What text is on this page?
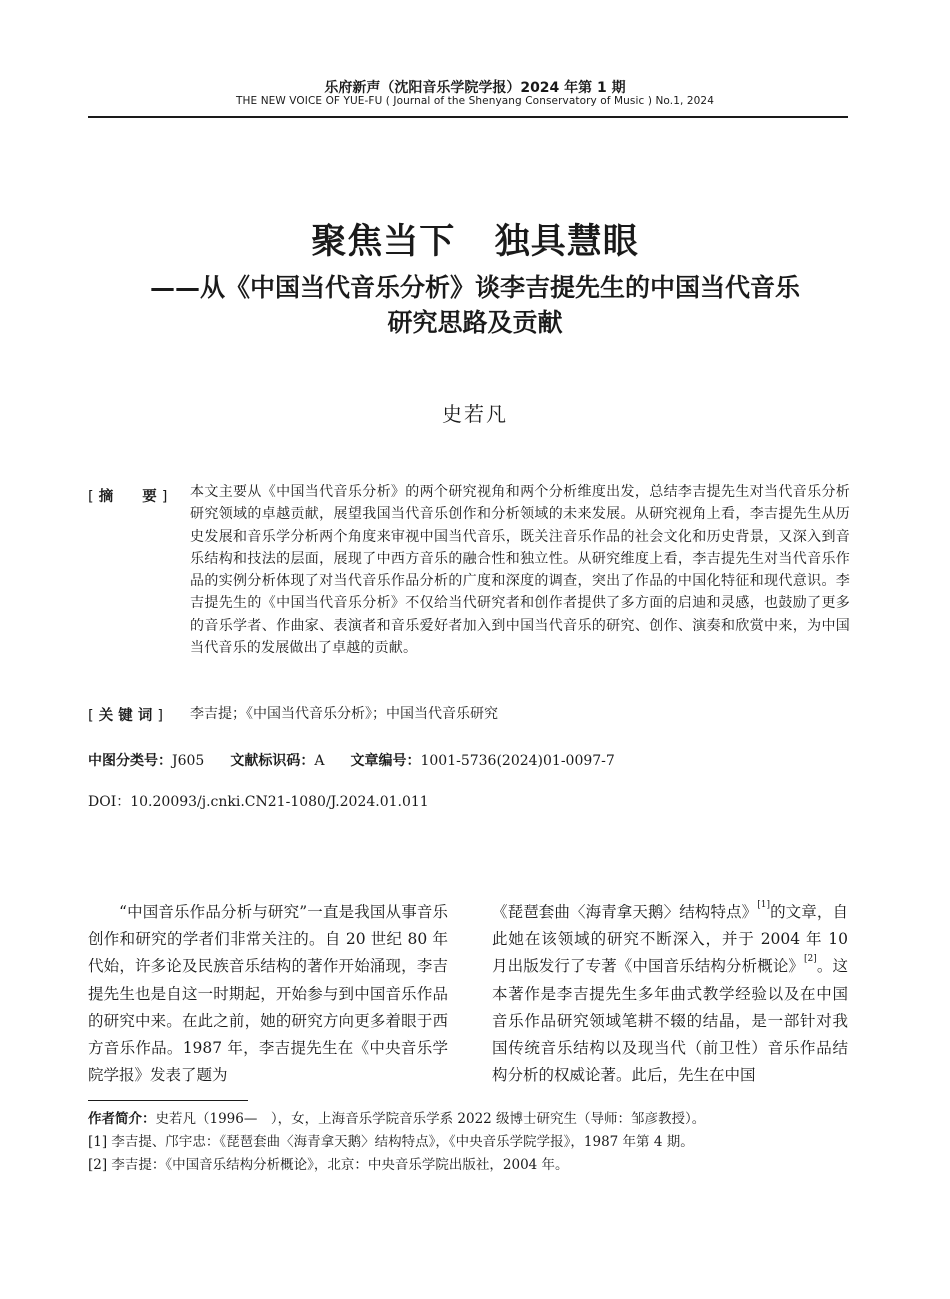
乐府新声（沈阳音乐学院学报）2024 年第 1 期
THE NEW VOICE OF YUE-FU ( Journal of the Shenyang Conservatory of Music ) No.1, 2024
聚焦当下   独具慧眼
——从《中国当代音乐分析》谈李吉提先生的中国当代音乐
研究思路及贡献
史若凡
[ 摘　　要 ] 本文主要从《中国当代音乐分析》的两个研究视角和两个分析维度出发，总结李吉提先生对当代音乐分析研究领域的卓越贡献，展望我国当代音乐创作和分析领域的未来发展。从研究视角上看，李吉提先生从历史发展和音乐学分析两个角度来审视中国当代音乐，既关注音乐作品的社会文化和历史背景，又深入到音乐结构和技法的层面，展现了中西方音乐的融合性和独立性。从研究维度上看，李吉提先生对当代音乐作品的实例分析体现了对当代音乐作品分析的广度和深度的调查，突出了作品的中国化特征和现代意识。李吉提先生的《中国当代音乐分析》不仅给当代研究者和创作者提供了多方面的启迪和灵感，也鼓励了更多的音乐学者、作曲家、表演者和音乐爱好者加入到中国当代音乐的研究、创作、演奏和欣赏中来，为中国当代音乐的发展做出了卓越的贡献。
[ 关 键 词 ] 李吉提；《中国当代音乐分析》；中国当代音乐研究
中图分类号：J605 文献标识码：A 文章编号：1001-5736(2024)01-0097-7
DOI：10.20093/j.cnki.CN21-1080/J.2024.01.011
“中国音乐作品分析与研究”一直是我国从事音乐创作和研究的学者们非常关注的。自 20 世纪 80 年代始，许多论及民族音乐结构的著作开始涌现，李吉提先生也是自这一时期起，开始参与到中国音乐作品的研究中来。在此之前，她的研究方向更多着眼于西方音乐作品。1987 年，李吉提先生在《中央音乐学院学报》发表了题为
《琵琶套曲〈海青拿天鹅〉结构特点》[1]的文章，自此她在该领域的研究不断深入，并于 2004 年 10 月出版发行了专著《中国音乐结构分析概论》[2]。这本著作是李吉提先生多年曲式教学经验以及在中国音乐作品研究领域笔耕不辍的结晶，是一部针对我国传统音乐结构以及现当代（前卫性）音乐作品结构分析的权威论著。此后，先生在中国
作者简介：史若凡（1996—　），女，上海音乐学院音乐学系 2022 级博士研究生（导师：邹彦教授）。
[1] 李吉提、邝宇忠：《琵琶套曲〈海青拿天鹅〉结构特点》，《中央音乐学院学报》，1987 年第 4 期。
[2] 李吉提：《中国音乐结构分析概论》，北京：中央音乐学院出版社，2004 年。
